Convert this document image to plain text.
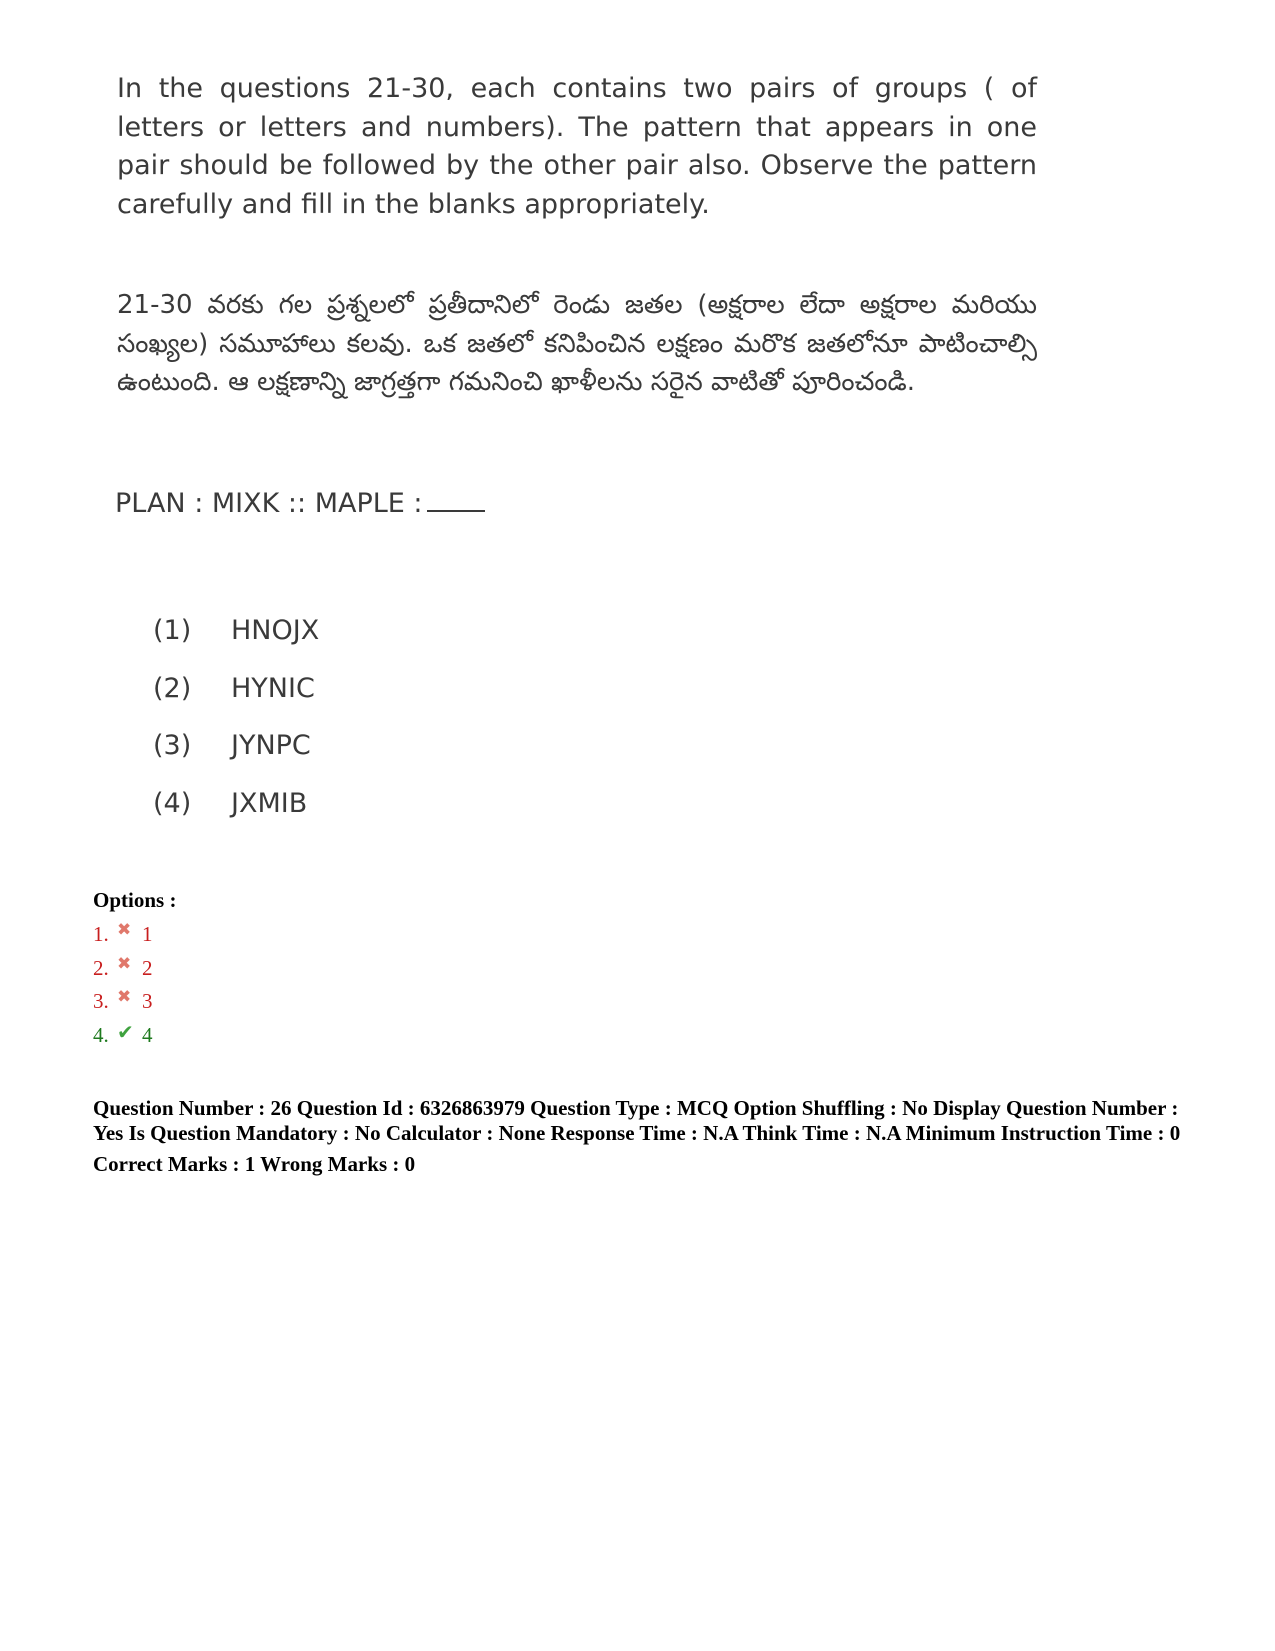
In the questions 21-30, each contains two pairs of groups ( of letters or letters and numbers). The pattern that appears in one pair should be followed by the other pair also. Observe the pattern carefully and fill in the blanks appropriately.

21-30 వరకు గల ప్రశ్నలలో ప్రతీదానిలో రెండు జతల (అక్షరాల లేదా అక్షరాల మరియు సంఖ్యల) సమూహాలు కలవు. ఒక జతలో కనిపించిన లక్షణం మరొక జతలోనూ పాటించాల్సి ఉంటుంది. ఆ లక్షణాన్ని జాగ్రత్తగా గమనించి ఖాళీలను సరైన వాటితో పూరించండి.

PLAN : MIXK :: MAPLE :

(1) HNOJX
(2) HYNIC
(3) JYNPC
(4) JXMIB
Options :
1. ✖ 1
2. ✖ 2
3. ✖ 3
4. ✔ 4

Question Number : 26 Question Id : 6326863979 Question Type : MCQ Option Shuffling : No Display Question Number : Yes Is Question Mandatory : No Calculator : None Response Time : N.A Think Time : N.A Minimum Instruction Time : 0

Correct Marks : 1 Wrong Marks : 0
